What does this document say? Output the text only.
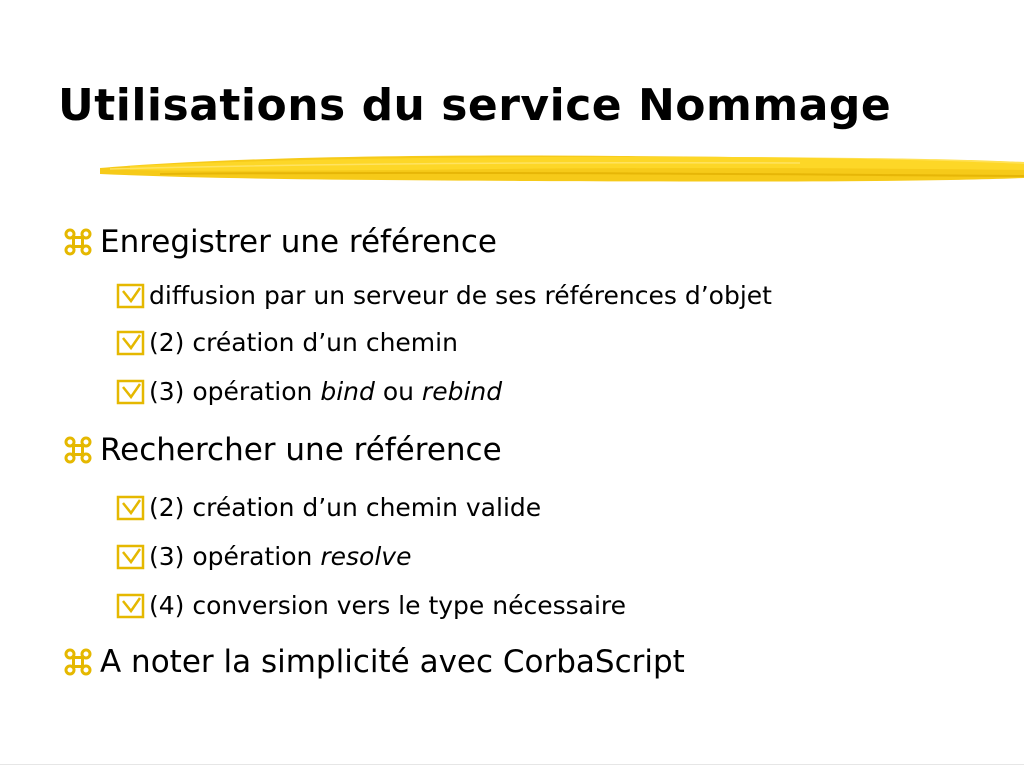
Utilisations du service Nommage
Enregistrer une référence
diffusion par un serveur de ses références d’objet
(2) création d’un chemin
(3) opération bind ou rebind
Rechercher une référence
(2) création d’un chemin valide
(3) opération resolve
(4) conversion vers le type nécessaire
A noter la simplicité avec CorbaScript
